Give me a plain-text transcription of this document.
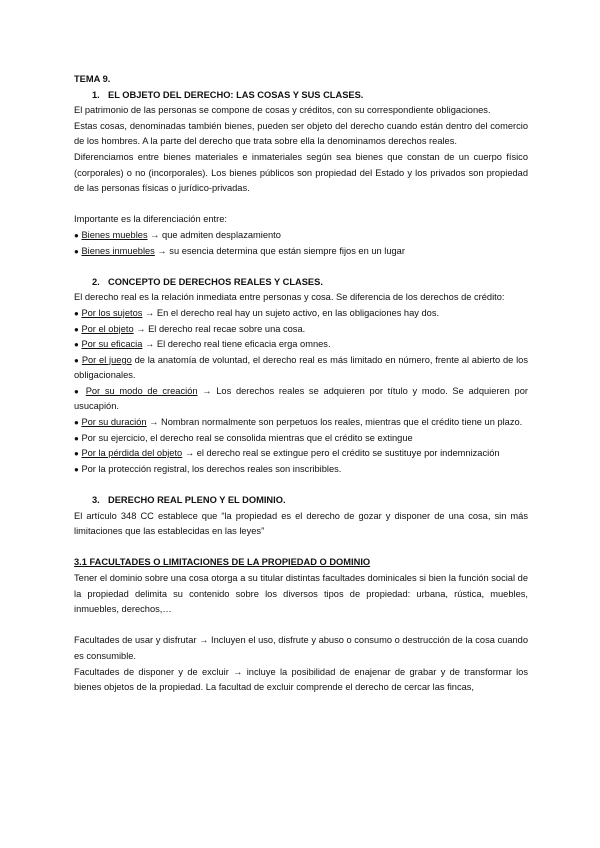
TEMA 9.

1. EL OBJETO DEL DERECHO: LAS COSAS Y SUS CLASES.

El patrimonio de las personas se compone de cosas y créditos, con su correspondiente obligaciones.

Estas cosas, denominadas también bienes, pueden ser objeto del derecho cuando están dentro del comercio de los hombres. A la parte del derecho que trata sobre ella la denominamos derechos reales.

Diferenciamos entre bienes materiales e inmateriales según sea bienes que constan de un cuerpo físico (corporales) o no (incorporales). Los bienes públicos son propiedad del Estado y los privados son propiedad de las personas físicas o jurídico-privadas.

Importante es la diferenciación entre:

● Bienes muebles → que admiten desplazamiento

● Bienes inmuebles → su esencia determina que están siempre fijos en un lugar

2. CONCEPTO DE DERECHOS REALES Y CLASES.

El derecho real es la relación inmediata entre personas y cosa. Se diferencia de los derechos de crédito:

● Por los sujetos → En el derecho real hay un sujeto activo, en las obligaciones hay dos.

● Por el objeto → El derecho real recae sobre una cosa.

● Por su eficacia → El derecho real tiene eficacia erga omnes.

● Por el juego de la anatomía de voluntad, el derecho real es más limitado en número, frente al abierto de los obligacionales.

● Por su modo de creación → Los derechos reales se adquieren por título y modo. Se adquieren por usucapión.

● Por su duración → Nombran normalmente son perpetuos los reales, mientras que el crédito tiene un plazo.

● Por su ejercicio, el derecho real se consolida mientras que el crédito se extingue

● Por la pérdida del objeto → el derecho real se extingue pero el crédito se sustituye por indemnización

● Por la protección registral, los derechos reales son inscribibles.

3. DERECHO REAL PLENO Y EL DOMINIO.

El artículo 348 CC establece que “la propiedad es el derecho de gozar y disponer de una cosa, sin más limitaciones que las establecidas en las leyes”

3.1 FACULTADES O LIMITACIONES DE LA PROPIEDAD O DOMINIO

Tener el dominio sobre una cosa otorga a su titular distintas facultades dominicales si bien la función social de la propiedad delimita su contenido sobre los diversos tipos de propiedad: urbana, rústica, muebles, inmuebles, derechos,…

Facultades de usar y disfrutar → Incluyen el uso, disfrute y abuso o consumo o destrucción de la cosa cuando es consumible.

Facultades de disponer y de excluir → incluye la posibilidad de enajenar de grabar y de transformar los bienes objetos de la propiedad. La facultad de excluir comprende el derecho de cercar las fincas,
